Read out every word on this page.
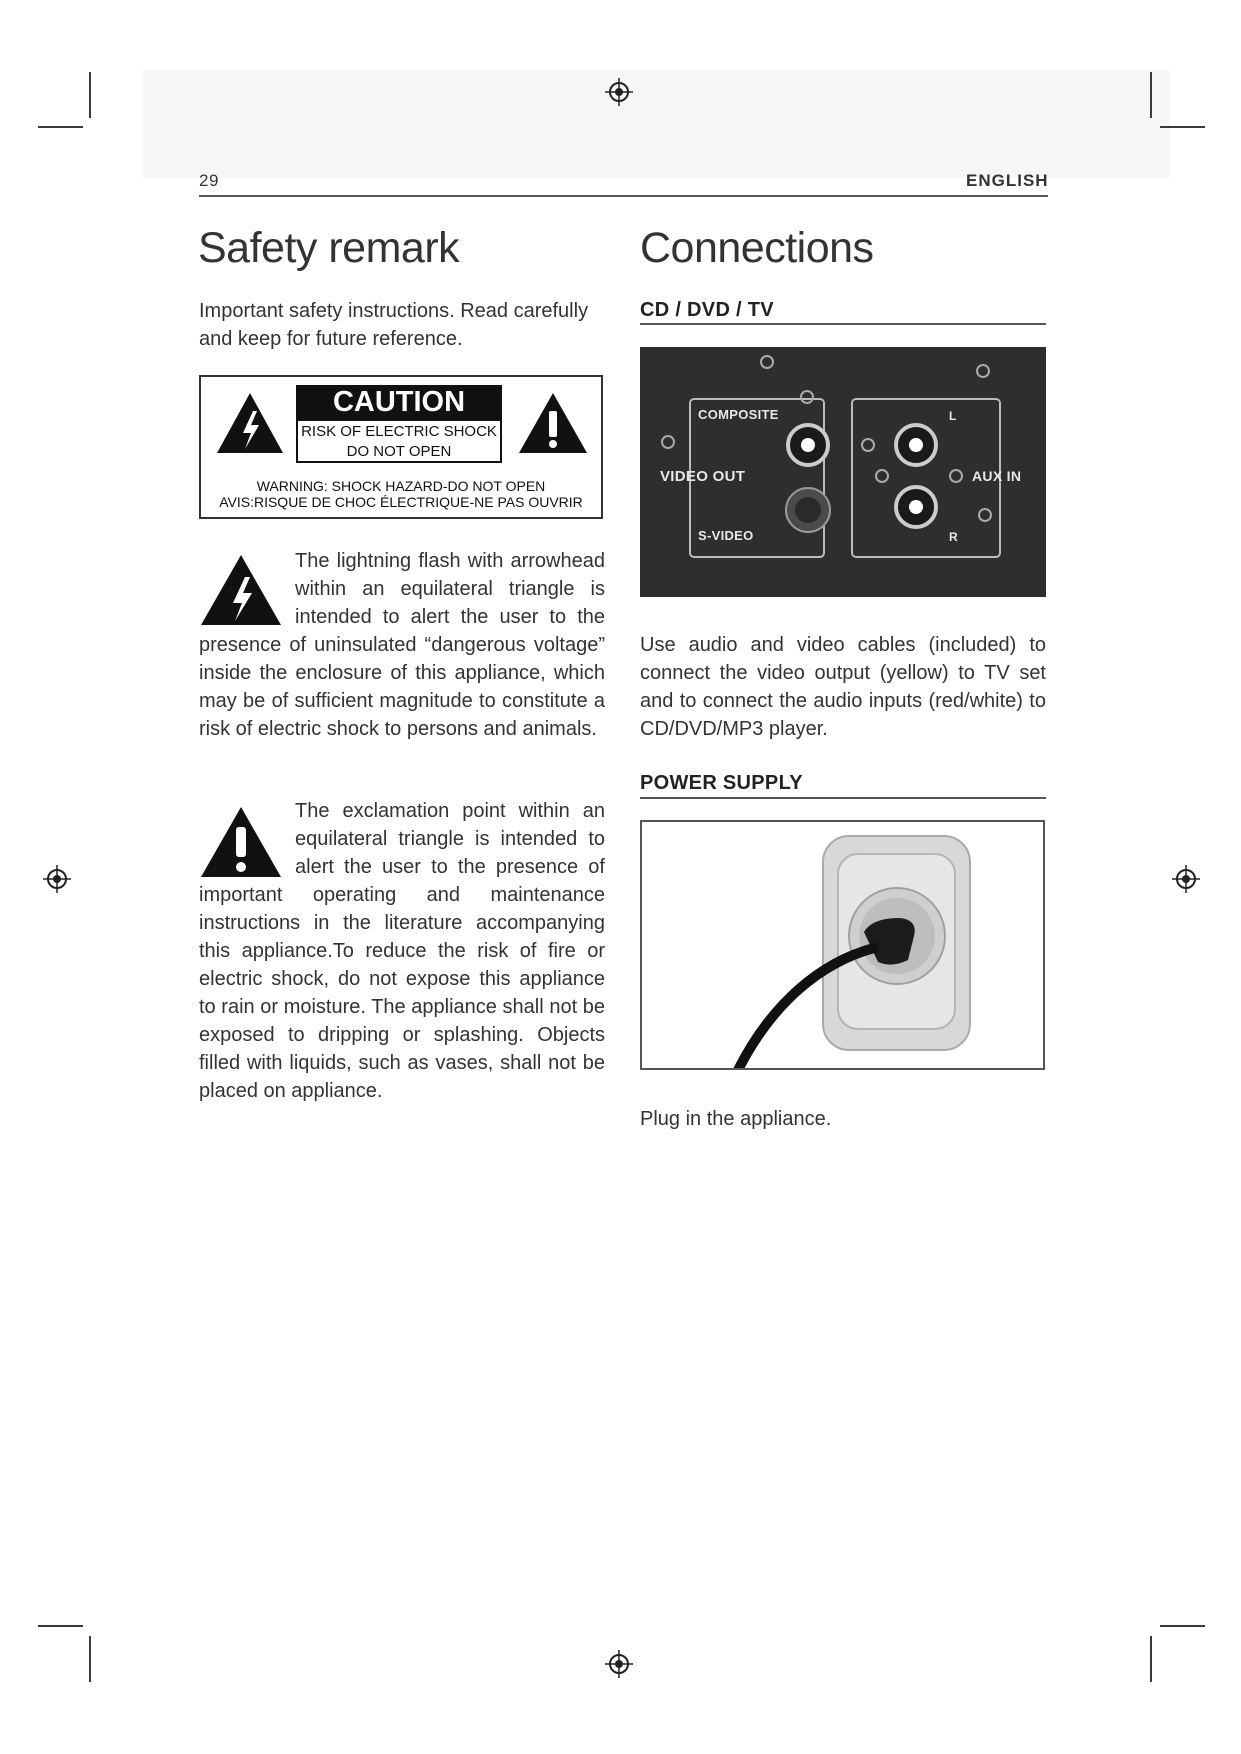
29	ENGLISH
Safety remark

Important safety instructions. Read carefully and keep for future reference.

CAUTION
RISK OF ELECTRIC SHOCK
DO NOT OPEN
WARNING: SHOCK HAZARD-DO NOT OPEN
AVIS:RISQUE DE CHOC ÉLECTRIQUE-NE PAS OUVRIR

The lightning flash with arrowhead within an equilateral triangle is intended to alert the user to the presence of uninsulated “dangerous voltage” inside the enclosure of this appliance, which may be of sufficient magnitude to constitute a risk of electric shock to persons and animals.

The exclamation point within an equilateral triangle is intended to alert the user to the presence of important operating and maintenance instructions in the literature accompanying this appliance.To reduce the risk of fire or electric shock, do not expose this appliance to rain or moisture. The appliance shall not be exposed to dripping or splashing. Objects filled with liquids, such as vases, shall not be placed on appliance.

Connections
CD / DVD / TV
COMPOSITE
VIDEO OUT
S-VIDEO
L
R
AUX IN

Use audio and video cables (included) to connect the video output (yellow) to TV set and to connect the audio inputs (red/white) to CD/DVD/MP3 player.

POWER SUPPLY

Plug in the appliance.
